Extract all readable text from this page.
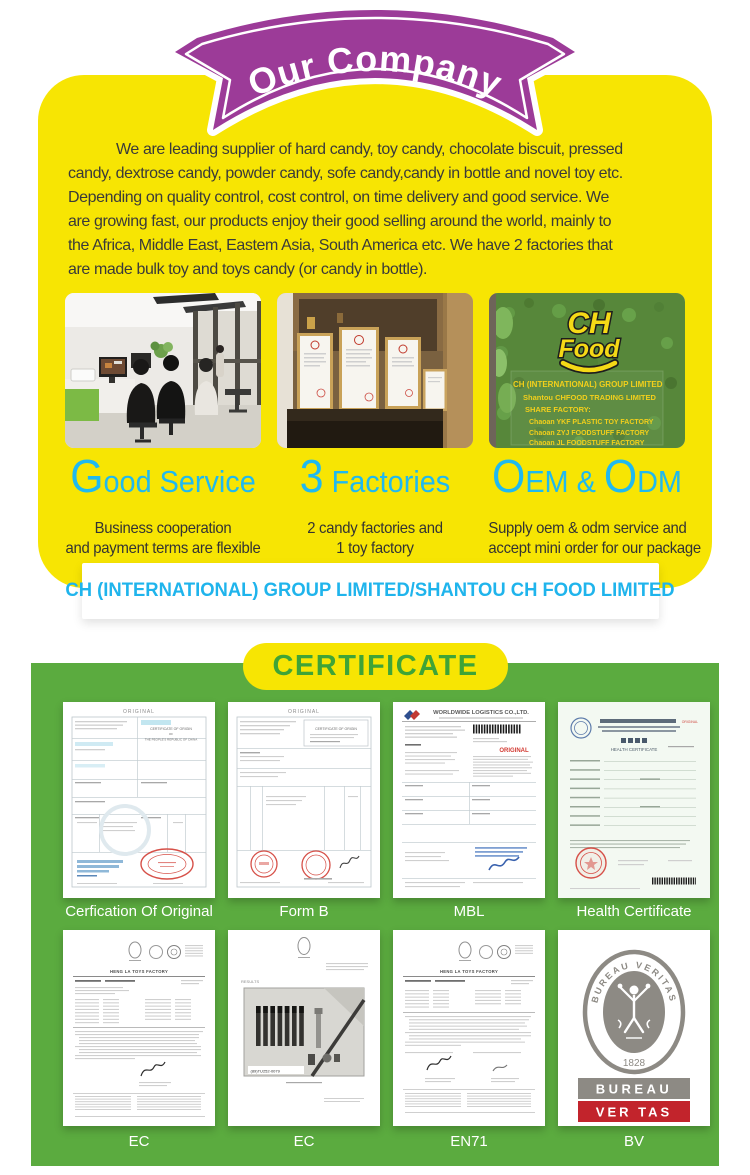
We are leading supplier of hard candy, toy candy, chocolate biscuit, pressed
candy, dextrose candy, powder candy, sofe candy,candy in bottle and novel toy etc.
Depending on quality control, cost control, on time delivery and good service. We
are growing fast, our products enjoy their good selling around the world, mainly to
the Africa, Middle East, Eastem Asia, South America etc. We have 2 factories that
are made bulk toy and toys candy (or candy in bottle).
CH
Food
CH (INTERNATIONAL) GROUP LIMITED
Shantou CHFOOD TRADING LIMITED
SHARE FACTORY:
Chaoan YKF PLASTIC TOY FACTORY
Chaoan ZYJ FOODSTUFF FACTORY
Chaoan JL FOODSTUFF FACTORY
Good Service
Business cooperation
and payment terms are flexible
3 Factories
2 candy factories and
1 toy factory
OEM & ODM
Supply oem & odm service and
accept mini order for our package
Our Company
CH (INTERNATIONAL) GROUP LIMITED/SHANTOU CH FOOD LIMITED
CERTIFICATE
ORIGINAL
CERTIFICATE OF ORIGIN
OF
THE PEOPLE'S REPUBLIC OF CHINA
ORIGINAL
CERTIFICATE OF ORIGIN
WORLDWIDE LOGISTICS CO.,LTD.
ORIGINAL
ORIGINAL
HEALTH CERTIFICATE
Cerfication Of Original	Form B	MBL	Health Certificate
HENG LA TOYS FACTORY
RESULTS
(89)TU252-0079
HENG LA TOYS FACTORY
BUREAU VERITAS
1828
BUREAU
VER TAS
EC	EC	EN71	BV
